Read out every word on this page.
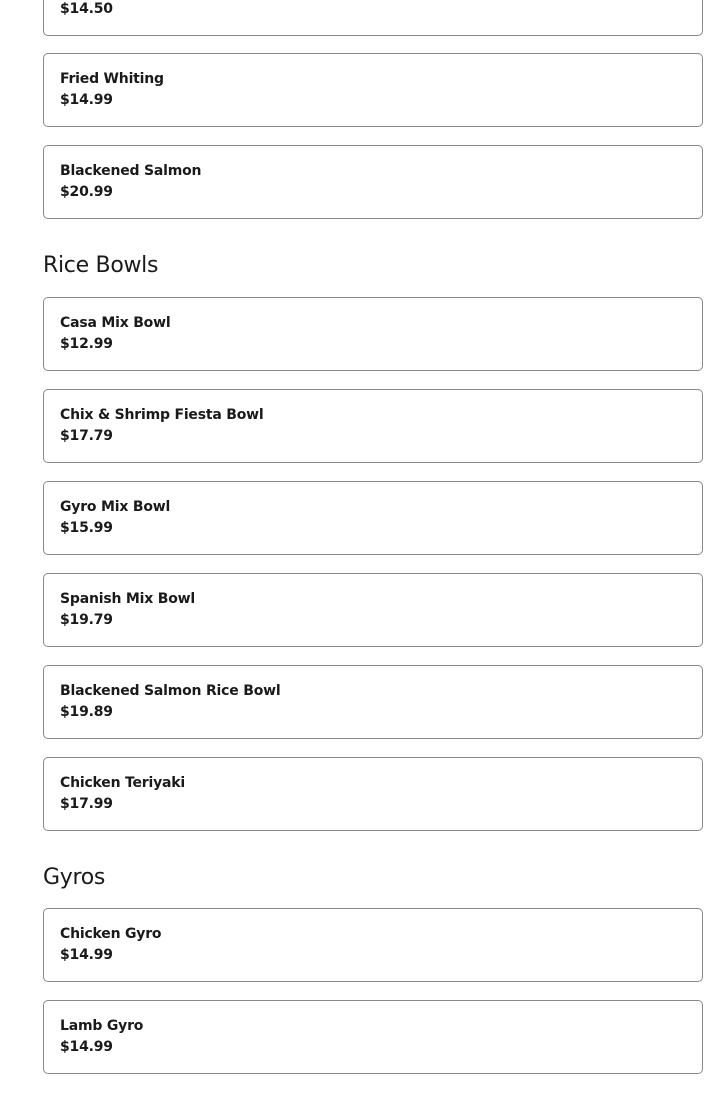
$14.50
Fried Whiting
$14.99
Blackened Salmon
$20.99
Rice Bowls
Casa Mix Bowl
$12.99
Chix & Shrimp Fiesta Bowl
$17.79
Gyro Mix Bowl
$15.99
Spanish Mix Bowl
$19.79
Blackened Salmon Rice Bowl
$19.89
Chicken Teriyaki
$17.99
Gyros
Chicken Gyro
$14.99
Lamb Gyro
$14.99
